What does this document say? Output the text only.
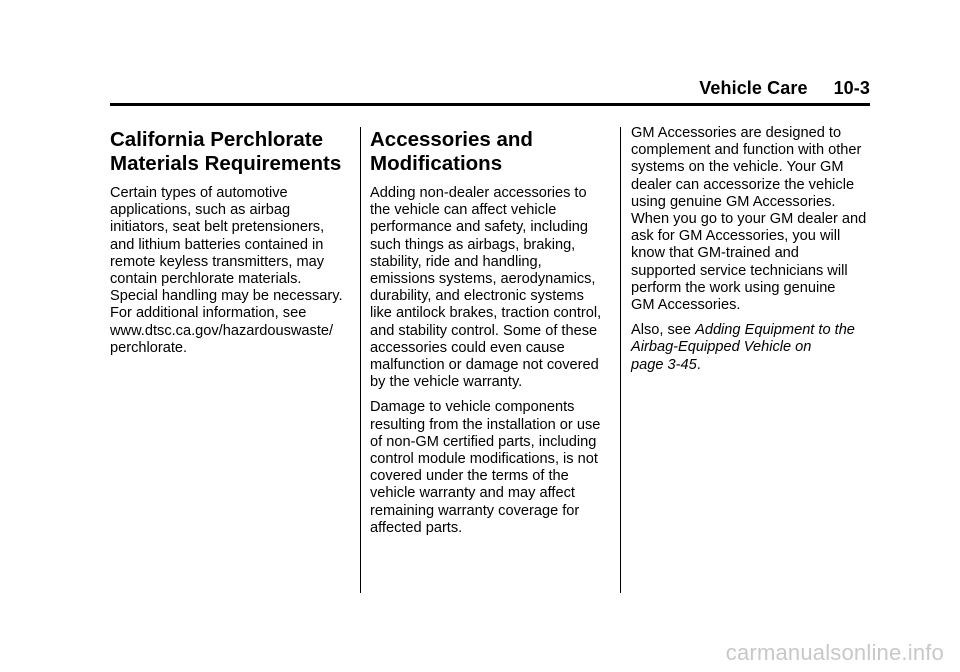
Vehicle Care 10-3
California Perchlorate
Materials Requirements

Certain types of automotive
applications, such as airbag
initiators, seat belt pretensioners,
and lithium batteries contained in
remote keyless transmitters, may
contain perchlorate materials.
Special handling may be necessary.
For additional information, see
www.dtsc.ca.gov/hazardouswaste/
perchlorate.

Accessories and
Modifications

Adding non-dealer accessories to
the vehicle can affect vehicle
performance and safety, including
such things as airbags, braking,
stability, ride and handling,
emissions systems, aerodynamics,
durability, and electronic systems
like antilock brakes, traction control,
and stability control. Some of these
accessories could even cause
malfunction or damage not covered
by the vehicle warranty.

Damage to vehicle components
resulting from the installation or use
of non-GM certified parts, including
control module modifications, is not
covered under the terms of the
vehicle warranty and may affect
remaining warranty coverage for
affected parts.

GM Accessories are designed to
complement and function with other
systems on the vehicle. Your GM
dealer can accessorize the vehicle
using genuine GM Accessories.
When you go to your GM dealer and
ask for GM Accessories, you will
know that GM-trained and
supported service technicians will
perform the work using genuine
GM Accessories.

Also, see Adding Equipment to the
Airbag-Equipped Vehicle on
page 3-45.

carmanualsonline.info
